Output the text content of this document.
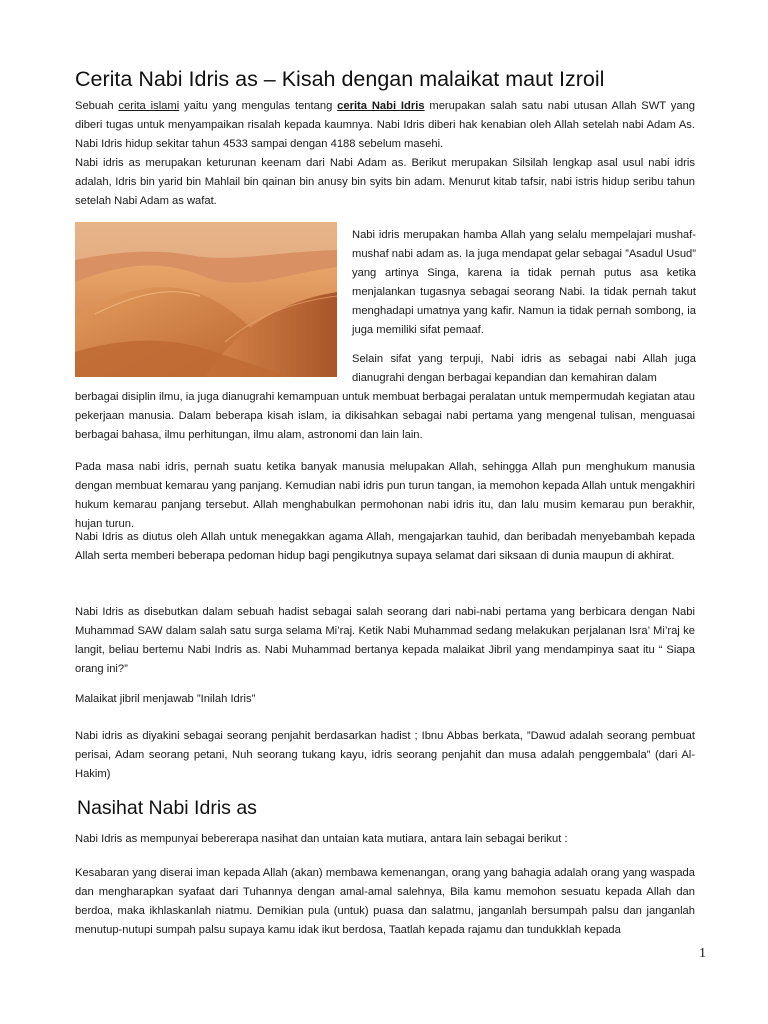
Cerita Nabi Idris as – Kisah dengan malaikat maut Izroil

Sebuah cerita islami yaitu yang mengulas tentang cerita Nabi Idris merupakan salah satu nabi utusan Allah SWT yang diberi tugas untuk menyampaikan risalah kepada kaumnya. Nabi Idris diberi hak kenabian oleh Allah setelah nabi Adam As. Nabi Idris hidup sekitar tahun 4533 sampai dengan 4188 sebelum masehi.

Nabi idris as merupakan keturunan keenam dari Nabi Adam as. Berikut merupakan Silsilah lengkap asal usul nabi idris adalah, Idris bin yarid bin Mahlail bin qainan bin anusy bin syits bin adam. Menurut kitab tafsir, nabi istris hidup seribu tahun setelah Nabi Adam as wafat.

Nabi idris merupakan hamba Allah yang selalu mempelajari mushaf-mushaf nabi adam as. Ia juga mendapat gelar sebagai ”Asadul Usud” yang artinya Singa, karena ia tidak pernah putus asa ketika menjalankan tugasnya sebagai seorang Nabi. Ia tidak pernah takut menghadapi umatnya yang kafir. Namun ia tidak pernah sombong, ia juga memiliki sifat pemaaf.

Selain sifat yang terpuji, Nabi idris as sebagai nabi Allah juga dianugrahi dengan berbagai kepandian dan kemahiran dalam

berbagai disiplin ilmu, ia juga dianugrahi kemampuan untuk membuat berbagai peralatan untuk mempermudah kegiatan atau pekerjaan manusia. Dalam beberapa kisah islam, ia dikisahkan sebagai nabi pertama yang mengenal tulisan, menguasai berbagai bahasa, ilmu perhitungan, ilmu alam, astronomi dan lain lain.

Pada masa nabi idris, pernah suatu ketika banyak manusia melupakan Allah, sehingga Allah pun menghukum manusia dengan membuat kemarau yang panjang. Kemudian nabi idris pun turun tangan, ia memohon kepada Allah untuk mengakhiri hukum kemarau panjang tersebut. Allah menghabulkan permohonan nabi idris itu, dan lalu musim kemarau pun berakhir, hujan turun.

Nabi Idris as diutus oleh Allah untuk menegakkan agama Allah, mengajarkan tauhid, dan beribadah menyebambah kepada Allah serta memberi beberapa pedoman hidup bagi pengikutnya supaya selamat dari siksaan di dunia maupun di akhirat.

Nabi Idris as disebutkan dalam sebuah hadist sebagai salah seorang dari nabi-nabi pertama yang berbicara dengan Nabi Muhammad SAW dalam salah satu surga selama Mi’raj. Ketik Nabi Muhammad sedang melakukan perjalanan Isra’ Mi’raj ke langit, beliau bertemu Nabi Indris as. Nabi Muhammad bertanya kepada malaikat Jibril yang mendampinya saat itu “ Siapa orang ini?”

Malaikat jibril menjawab ”Inilah Idris”

Nabi idris as diyakini sebagai seorang penjahit berdasarkan hadist ; Ibnu Abbas berkata, ”Dawud adalah seorang pembuat perisai, Adam seorang petani, Nuh seorang tukang kayu, idris seorang penjahit dan musa adalah penggembala” (dari Al-Hakim)

Nasihat Nabi Idris as

Nabi Idris as mempunyai bebererapa nasihat dan untaian kata mutiara, antara lain sebagai berikut :

Kesabaran yang diserai iman kepada Allah (akan) membawa kemenangan, orang yang bahagia adalah orang yang waspada dan mengharapkan syafaat dari Tuhannya dengan amal-amal salehnya, Bila kamu memohon sesuatu kepada Allah dan berdoa, maka ikhlaskanlah niatmu. Demikian pula (untuk) puasa dan salatmu, janganlah bersumpah palsu dan janganlah menutup-nutupi sumpah palsu supaya kamu idak ikut berdosa, Taatlah kepada rajamu dan tundukklah kepada

1
